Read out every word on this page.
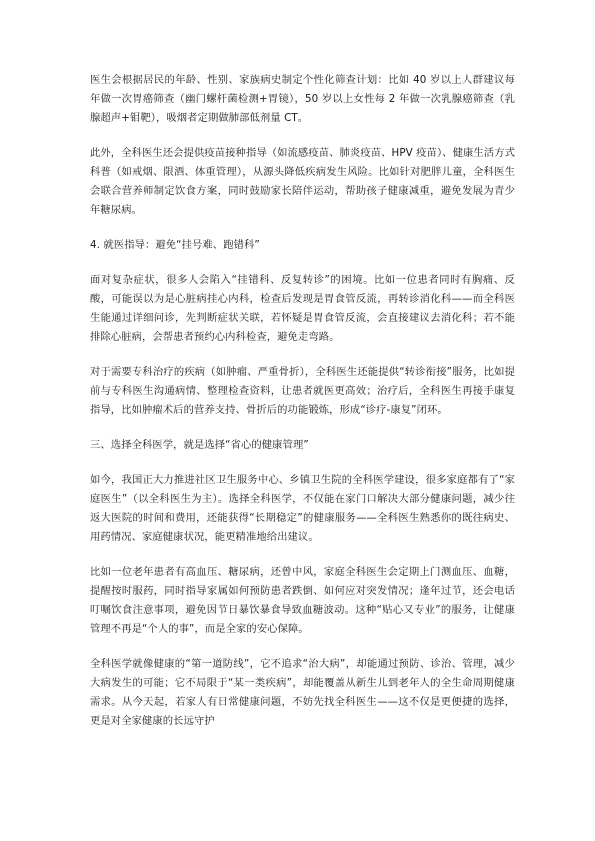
医生会根据居民的年龄、性别、家族病史制定个性化筛查计划：比如 40 岁以上人群建议每年做一次胃癌筛查（幽门螺杆菌检测+胃镜），50 岁以上女性每 2 年做一次乳腺癌筛查（乳腺超声+钼靶），吸烟者定期做肺部低剂量 CT。

此外，全科医生还会提供疫苗接种指导（如流感疫苗、肺炎疫苗、HPV 疫苗）、健康生活方式科普（如戒烟、限酒、体重管理），从源头降低疾病发生风险。比如针对肥胖儿童，全科医生会联合营养师制定饮食方案，同时鼓励家长陪伴运动，帮助孩子健康减重，避免发展为青少年糖尿病。

4. 就医指导：避免“挂号难、跑错科”

面对复杂症状，很多人会陷入“挂错科、反复转诊”的困境。比如一位患者同时有胸痛、反酸，可能误以为是心脏病挂心内科，检查后发现是胃食管反流，再转诊消化科——而全科医生能通过详细问诊，先判断症状关联，若怀疑是胃食管反流，会直接建议去消化科；若不能排除心脏病，会帮患者预约心内科检查，避免走弯路。

对于需要专科治疗的疾病（如肿瘤、严重骨折），全科医生还能提供“转诊衔接”服务，比如提前与专科医生沟通病情、整理检查资料，让患者就医更高效；治疗后，全科医生再接手康复指导，比如肿瘤术后的营养支持、骨折后的功能锻炼，形成“诊疗-康复”闭环。

三、选择全科医学，就是选择“省心的健康管理”

如今，我国正大力推进社区卫生服务中心、乡镇卫生院的全科医学建设，很多家庭都有了“家庭医生”（以全科医生为主）。选择全科医学，不仅能在家门口解决大部分健康问题，减少往返大医院的时间和费用，还能获得“长期稳定”的健康服务——全科医生熟悉你的既往病史、用药情况、家庭健康状况，能更精准地给出建议。

比如一位老年患者有高血压、糖尿病，还曾中风，家庭全科医生会定期上门测血压、血糖，提醒按时服药，同时指导家属如何预防患者跌倒、如何应对突发情况；逢年过节，还会电话叮嘱饮食注意事项，避免因节日暴饮暴食导致血糖波动。这种“贴心又专业”的服务，让健康管理不再是“个人的事”，而是全家的安心保障。

全科医学就像健康的“第一道防线”，它不追求“治大病”，却能通过预防、诊治、管理，减少大病发生的可能；它不局限于“某一类疾病”，却能覆盖从新生儿到老年人的全生命周期健康需求。从今天起，若家人有日常健康问题，不妨先找全科医生——这不仅是更便捷的选择，更是对全家健康的长远守护
